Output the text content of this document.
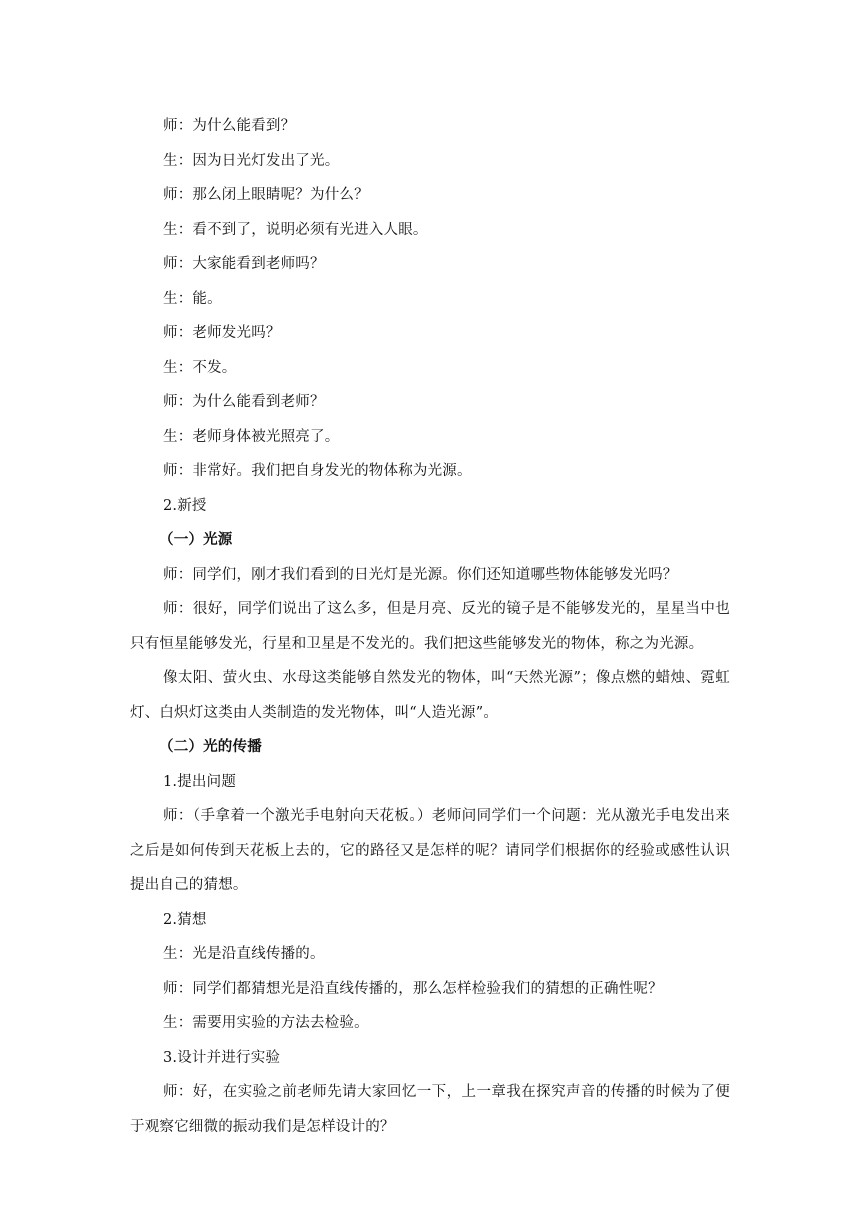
师：为什么能看到？

生：因为日光灯发出了光。

师：那么闭上眼睛呢？为什么？

生：看不到了，说明必须有光进入人眼。

师：大家能看到老师吗？

生：能。

师：老师发光吗？

生：不发。

师：为什么能看到老师？

生：老师身体被光照亮了。

师：非常好。我们把自身发光的物体称为光源。

2.新授

（一）光源

师：同学们，刚才我们看到的日光灯是光源。你们还知道哪些物体能够发光吗？

师：很好，同学们说出了这么多，但是月亮、反光的镜子是不能够发光的，星星当中也只有恒星能够发光，行星和卫星是不发光的。我们把这些能够发光的物体，称之为光源。

像太阳、萤火虫、水母这类能够自然发光的物体，叫“天然光源”；像点燃的蜡烛、霓虹灯、白炽灯这类由人类制造的发光物体，叫“人造光源”。

（二）光的传播

1.提出问题

师：（手拿着一个激光手电射向天花板。）老师问同学们一个问题：光从激光手电发出来之后是如何传到天花板上去的，它的路径又是怎样的呢？请同学们根据你的经验或感性认识提出自己的猜想。

2.猜想

生：光是沿直线传播的。

师：同学们都猜想光是沿直线传播的，那么怎样检验我们的猜想的正确性呢？

生：需要用实验的方法去检验。

3.设计并进行实验

师：好，在实验之前老师先请大家回忆一下，上一章我在探究声音的传播的时候为了便于观察它细微的振动我们是怎样设计的？
